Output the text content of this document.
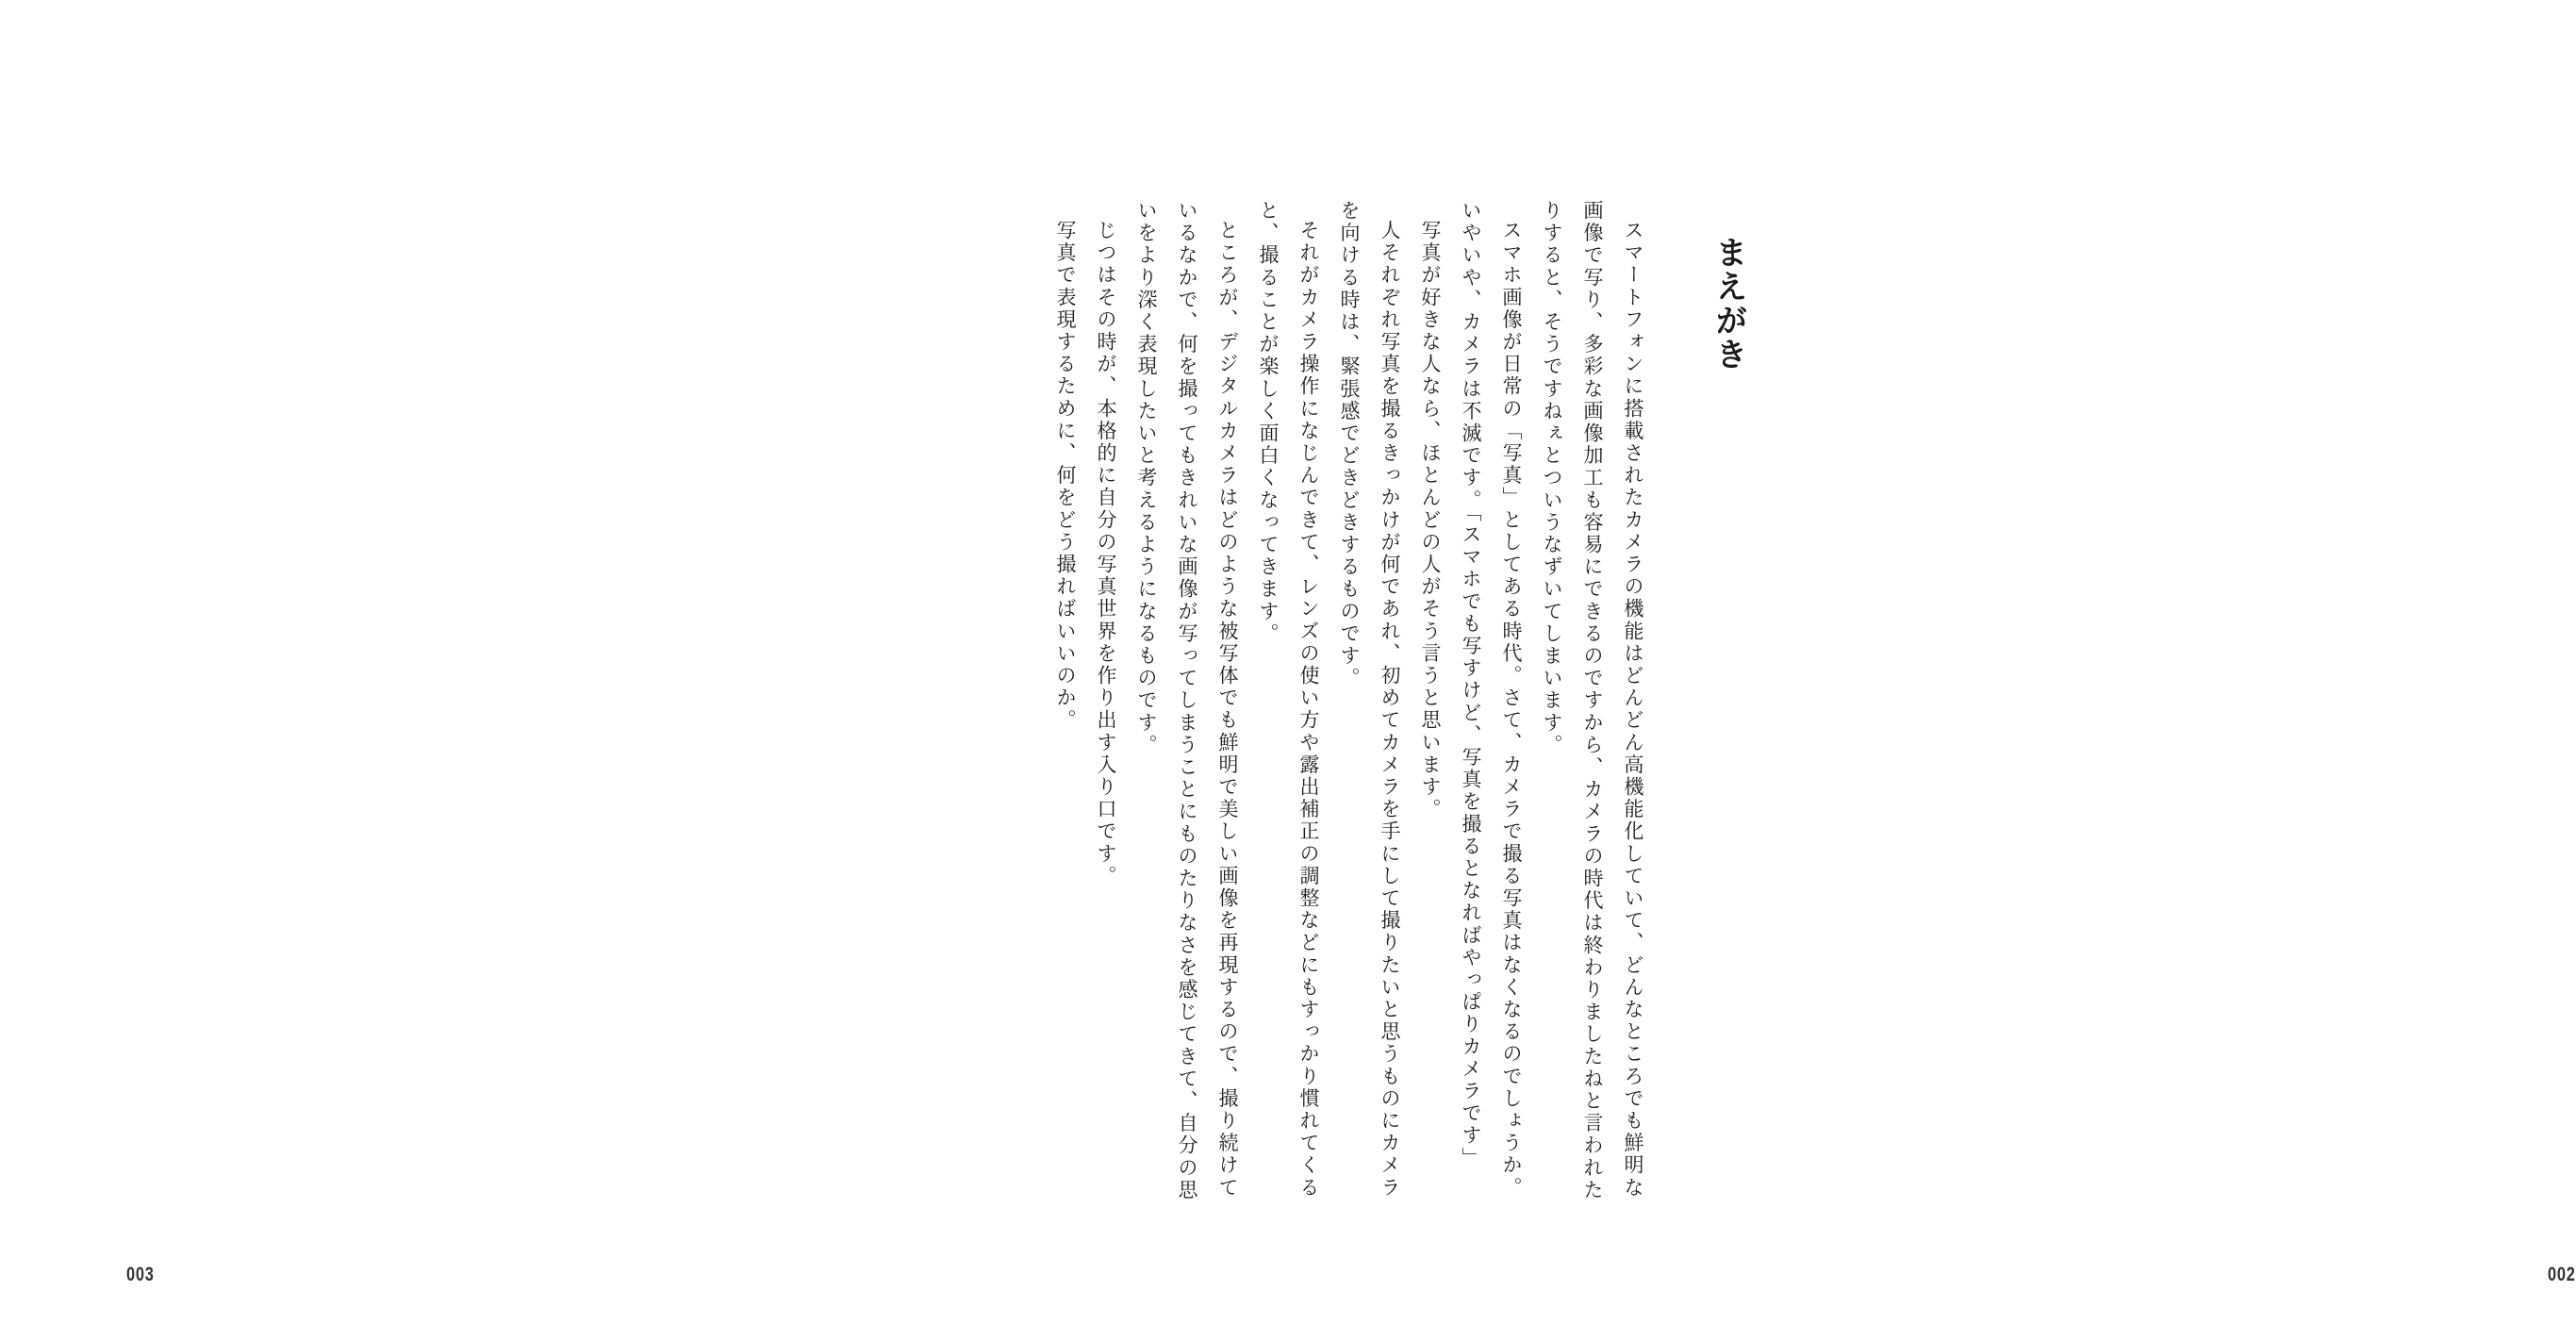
003
まえがき

スマートフォンに搭載されたカメラの機能はどんどん高機能化していて、どんなところでも鮮明な画像で写り、多彩な画像加工も容易にできるのですから、カメラの時代は終わりましたねと言われたりすると、そうですねぇとついうなずいてしまいます。

スマホ画像が日常の「写真」としてある時代。さて、カメラで撮る写真はなくなるのでしょうか。いやいや、カメラは不滅です。「スマホでも写すけど、写真を撮るとなればやっぱりカメラです」

写真が好きな人なら、ほとんどの人がそう言うと思います。

人それぞれ写真を撮るきっかけが何であれ、初めてカメラを手にして撮りたいと思うものにカメラを向ける時は、緊張感でどきどきするものです。

それがカメラ操作になじんできて、レンズの使い方や露出補正の調整などにもすっかり慣れてくると、撮ることが楽しく面白くなってきます。

ところが、デジタルカメラはどのような被写体でも鮮明で美しい画像を再現するので、撮り続けているなかで、何を撮ってもきれいな画像が写ってしまうことにものたりなさを感じてきて、自分の思いをより深く表現したいと考えるようになるものです。

じつはその時が、本格的に自分の写真世界を作り出す入り口です。

写真で表現するために、何をどう撮ればいいのか。

002
